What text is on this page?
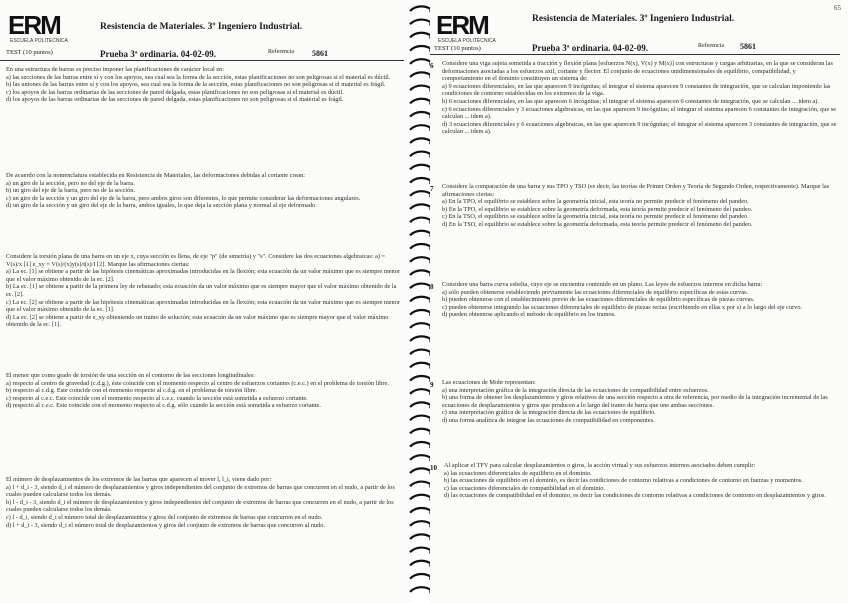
ERM
ESCUELA POLITÉCNICA
Resistencia de Materiales. 3º Ingeniero Industrial.
TEST (10 puntos)	Prueba 3ª ordinaria. 04-02-09.	Referencia 5861
En una estructura de barras es preciso imponer las planificaciones de carácter local en:
a) las secciones de las barras entre sí y con los apoyos, sea cual sea la forma de la sección, estas planificaciones no son peligrosas si el material es dúctil.
b) las uniones de las barras entre sí y con los apoyos, sea cual sea la forma de la sección, estas planificaciones no son peligrosas si el material es frágil.
c) los apoyos de las barras ordinarias de las secciones de pared delgada, estas planificaciones no son peligrosas si el material es dúctil.
d) los apoyos de las barras ordinarias de las secciones de pared delgada, estas planificaciones no son peligrosas si el material es frágil.
De acuerdo con la nomenclatura establecida en Resistencia de Materiales, las deformaciones debidas al cortante crean:
a) un giro de la sección, pero no del eje de la barra.
b) un giro del eje de la barra, pero no de la sección.
c) un giro de la sección y un giro del eje de la barra, pero ambos giros son diferentes, lo que permite considerar las deformaciones angulares.
d) un giro de la sección y un giro del eje de la barra, ambos iguales, lo que deja la sección plana y normal al eje deformado.
Considere la torsión plana de una barra en un eje x, cuya sección es llena, de eje "p" (de simetría) y "s". Considere las dos ecuaciones algebraicas: a) = V(s)/x [1] e_xy = V(s)/(x)y(s)/t(s)/I [2]. Marque las afirmaciones ciertas:
a) La ec. [1] se obtiene a partir de las hipótesis cinemáticas aproximadas introducidas en la flexión; esta ecuación da un valor máximo que es siempre menor que el valor máximo obtenido de la ec. [2].
b) La ec. [1] se obtiene a partir de la primera ley de rebanado; esta ecuación da un valor máximo que es siempre mayor que el valor máximo obtenido de la ec. [2].
c) La ec. [2] se obtiene a partir de las hipótesis cinemáticas aproximadas introducidas en la flexión; esta ecuación da un valor máximo que es siempre menor que el valor máximo obtenido de la ec. [1].
d) La ec. [2] se obtiene a partir de e_xy obteniendo un tramo de solución; esta ecuación da un valor máximo que es siempre mayor que el valor máximo obtenido de la ec. [1].
El menor que como grado de torsión de una sección en el contorno de las secciones longitudinales:
a) respecto al centro de gravedad (c.d.g.), éste coincide con el momento respecto al centro de esfuerzos cortantes (c.e.c.) en el problema de torsión libre.
b) respecto al c.d.g. Este coincide con el momento respecto al c.d.g. en el problema de torsión libre.
c) respecto al c.e.c. Este coincide con el momento respecto al c.e.c. cuando la sección está sometida a esfuerzo cortante.
d) respecto al c.e.c. Este coincide con el momento respecto al c.d.g. sólo cuando la sección está sometida a esfuerzo cortante.
El número de desplazamientos de los extremos de las barras que aparecen al mover l, l_i, viene dado por:
a) l + d_i - 3, siendo d_i el número de desplazamientos y giros independientes del conjunto de extremos de barras que concurren en el nudo, a partir de los cuales pueden calcularse todos los demás.
b) l - d_i - 3, siendo d_i el número de desplazamientos y giros independientes del conjunto de extremos de barras que concurren en el nudo, a partir de los cuales pueden calcularse todos los demás.
c) l - d_i, siendo d_i el número total de desplazamientos y giros del conjunto de extremos de barras que concurren en el nudo.
d) l + d_i - 3, siendo d_i el número total de desplazamientos y giros del conjunto de extremos de barras que concurren al nudo.
65
ERM
ESCUELA POLITÉCNICA
Resistencia de Materiales. 3º Ingeniero Industrial.
TEST (10 puntos)	Prueba 3ª ordinaria. 04-02-09.	Referencia 5861
6 Considere una viga sujeta sometida a tracción y flexión plana [esfuerzos N(x), V(x) y M(x)] con estructuras y cargas arbitrarias, en la que se consideran las deformaciones asociadas a los esfuerzos axil, cortante y flector. El conjunto de ecuaciones unidimensionales de equilibrio, compatibilidad, y comportamiento en el dominio constituyen un sistema de:
a) 9 ecuaciones diferenciales, en las que aparecen 9 incógnitas; el integrar el sistema aparecen 9 constantes de integración, que se calculan imponiendo las condiciones de contorno establecidas en los extremos de la viga.
b) 6 ecuaciones diferenciales, en las que aparecen 6 incógnitas; el integrar el sistema aparecen 6 constantes de integración, que se calculan ... idem a).
c) 6 ecuaciones diferenciales y 3 ecuaciones algebraicas, en las que aparecen 9 incógnitas; el integrar el sistema aparecen 6 constantes de integración, que se calculan ... idem a).
d) 3 ecuaciones diferenciales y 6 ecuaciones algebraicas, en las que aparecen 9 incógnitas; el integrar el sistema aparecen 3 constantes de integración, que se calculan ... idem a).
7 Considere la comparación de una barra y sus TPO y TSO (es decir, las teorías de Primer Orden y Teoría de Segundo Orden, respectivamente). Marque las afirmaciones ciertas:
a) En la TPO, el equilibrio se establece sobre la geometría inicial, esta teoría no permite predecir el fenómeno del pandeo.
b) En la TPO, el equilibrio se establece sobre la geometría deformada, esta teoría permite predecir el fenómeno del pandeo.
c) En la TSO, el equilibrio se establece sobre la geometría inicial, esta teoría no permite predecir el fenómeno del pandeo.
d) En la TSO, el equilibrio se establece sobre la geometría deformada, esta teoría permite predecir el fenómeno del pandeo.
8 Considere una barra curva esbelta, cuyo eje se encuentra contenido en un plano. Las leyes de esfuerzos internos en dicha barra:
a) sólo pueden obtenerse estableciendo previamente las ecuaciones diferenciales de equilibrio específicas de estas curvas.
b) pueden obtenerse con el establecimiento previo de las ecuaciones diferenciales de equilibrio específicas de piezas curvas.
c) pueden obtenerse integrando las ecuaciones diferenciales de equilibrio de piezas rectas (escribiendo en ellas x por s) a lo largo del eje curvo.
d) pueden obtenerse aplicando el método de equilibrio en los tramos.
9 Las ecuaciones de Mohr representan:
a) una interpretación gráfica de la integración directa de las ecuaciones de compatibilidad entre esfuerzos.
b) una forma de obtener los desplazamientos y giros relativos de una sección respecto a otra de referencia, por medio de la integración incremental de las ecuaciones de desplazamientos y giros que producen a lo largo del tramo de barra que une ambas secciones.
c) una interpretación gráfica de la integración directa de las ecuaciones de equilibrio.
d) una forma analítica de integrar las ecuaciones de compatibilidad en componentes.
10 Al aplicar el TFV para calcular desplazamientos o giros, la acción virtual y sus esfuerzos internos asociados deben cumplir:
a) las ecuaciones diferenciales de equilibrio en el dominio.
b) las ecuaciones de equilibrio en el dominio, es decir las condiciones de contorno relativas a condiciones de contorno en fuerzas y momentos.
c) las ecuaciones diferenciales de compatibilidad en el dominio.
d) las ecuaciones de compatibilidad en el dominio, es decir las condiciones de contorno relativas a condiciones de contorno en desplazamientos y giros.
